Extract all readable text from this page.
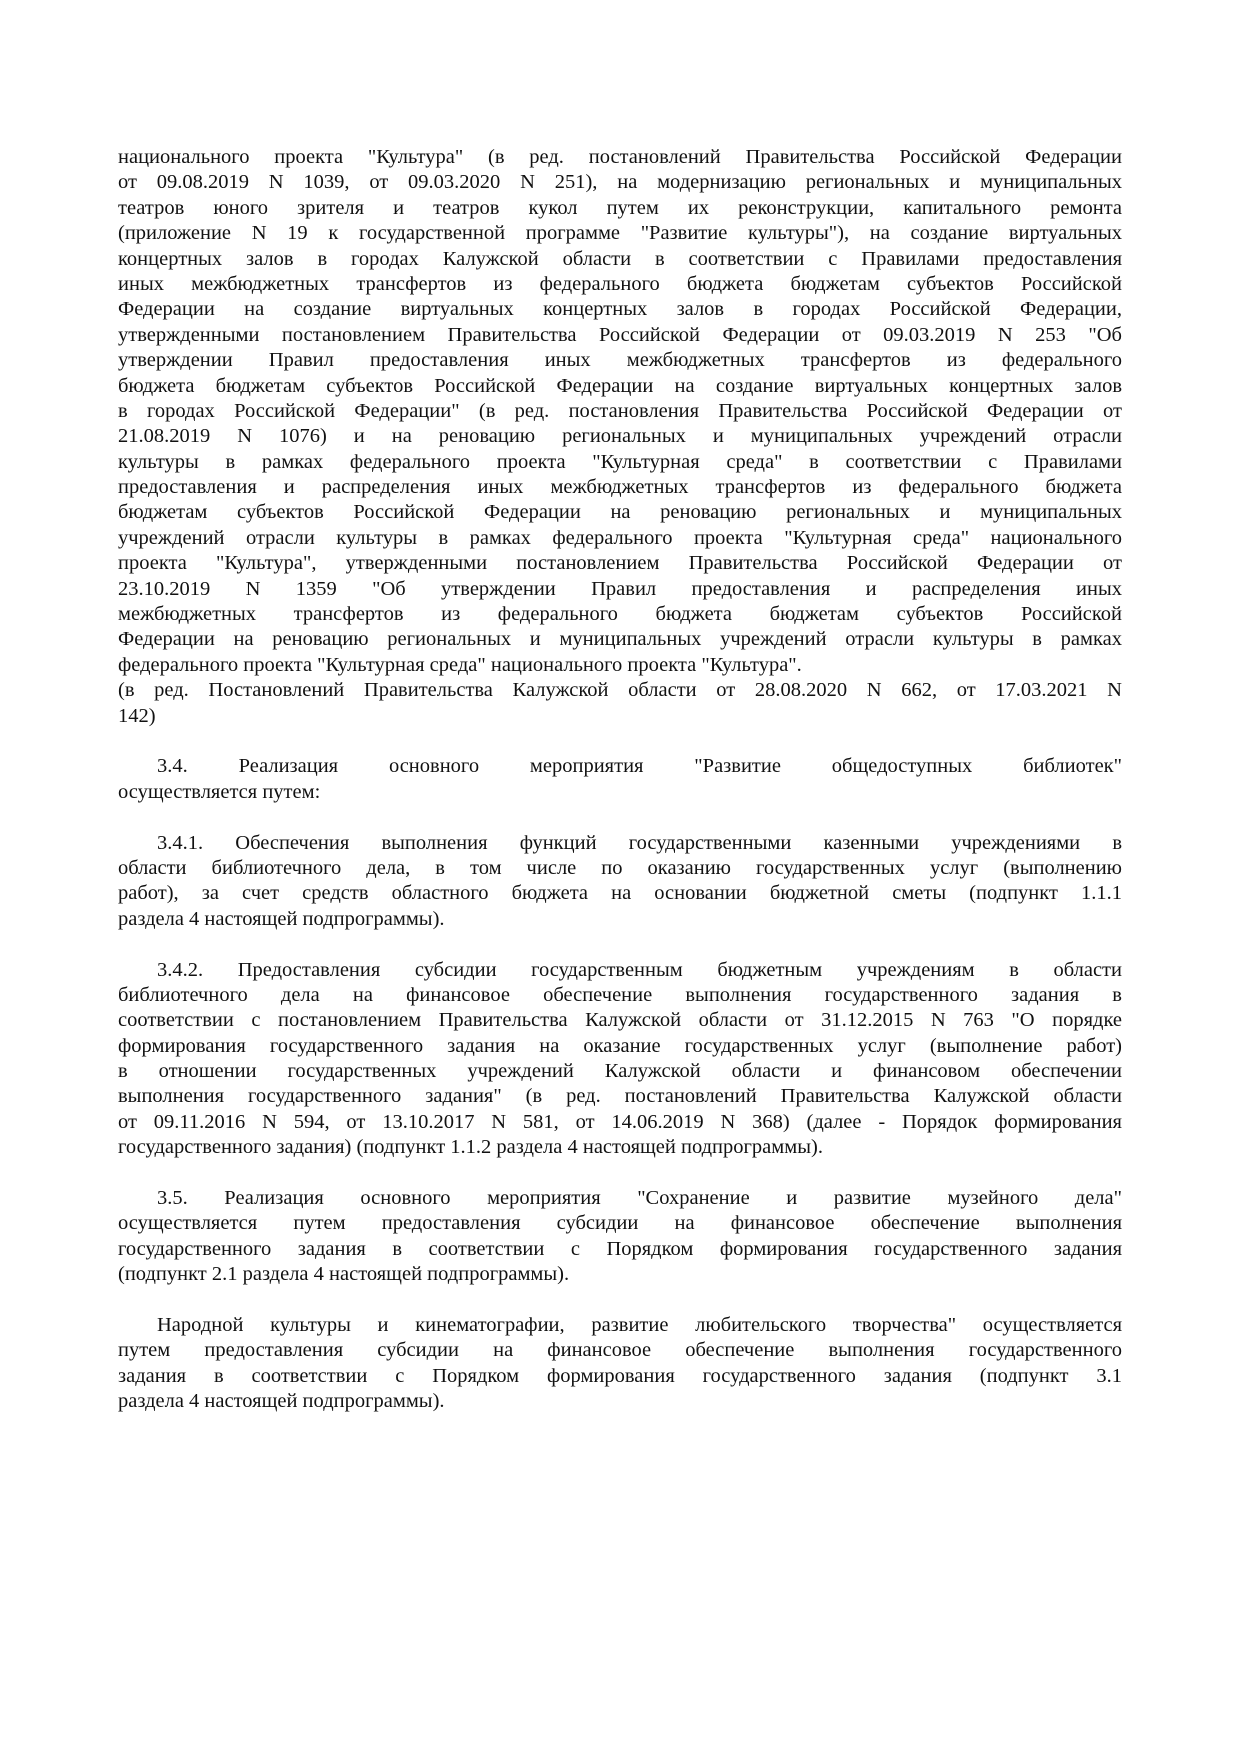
национального проекта "Культура" (в ред. постановлений Правительства Российской Федерации
от 09.08.2019 N 1039, от 09.03.2020 N 251), на модернизацию региональных и муниципальных
театров юного зрителя и театров кукол путем их реконструкции, капитального ремонта
(приложение N 19 к государственной программе "Развитие культуры"), на создание виртуальных
концертных залов в городах Калужской области в соответствии с Правилами предоставления
иных межбюджетных трансфертов из федерального бюджета бюджетам субъектов Российской
Федерации на создание виртуальных концертных залов в городах Российской Федерации,
утвержденными постановлением Правительства Российской Федерации от 09.03.2019 N 253 "Об
утверждении Правил предоставления иных межбюджетных трансфертов из федерального
бюджета бюджетам субъектов Российской Федерации на создание виртуальных концертных залов
в городах Российской Федерации" (в ред. постановления Правительства Российской Федерации от
21.08.2019 N 1076) и на реновацию региональных и муниципальных учреждений отрасли
культуры в рамках федерального проекта "Культурная среда" в соответствии с Правилами
предоставления и распределения иных межбюджетных трансфертов из федерального бюджета
бюджетам субъектов Российской Федерации на реновацию региональных и муниципальных
учреждений отрасли культуры в рамках федерального проекта "Культурная среда" национального
проекта "Культура", утвержденными постановлением Правительства Российской Федерации от
23.10.2019 N 1359 "Об утверждении Правил предоставления и распределения иных
межбюджетных трансфертов из федерального бюджета бюджетам субъектов Российской
Федерации на реновацию региональных и муниципальных учреждений отрасли культуры в рамках
федерального проекта "Культурная среда" национального проекта "Культура".
(в ред. Постановлений Правительства Калужской области от 28.08.2020 N 662, от 17.03.2021 N
142)
3.4. Реализация основного мероприятия "Развитие общедоступных библиотек"
осуществляется путем:
3.4.1. Обеспечения выполнения функций государственными казенными учреждениями в
области библиотечного дела, в том числе по оказанию государственных услуг (выполнению
работ), за счет средств областного бюджета на основании бюджетной сметы (подпункт 1.1.1
раздела 4 настоящей подпрограммы).
3.4.2. Предоставления субсидии государственным бюджетным учреждениям в области
библиотечного дела на финансовое обеспечение выполнения государственного задания в
соответствии с постановлением Правительства Калужской области от 31.12.2015 N 763 "О порядке
формирования государственного задания на оказание государственных услуг (выполнение работ)
в отношении государственных учреждений Калужской области и финансовом обеспечении
выполнения государственного задания" (в ред. постановлений Правительства Калужской области
от 09.11.2016 N 594, от 13.10.2017 N 581, от 14.06.2019 N 368) (далее - Порядок формирования
государственного задания) (подпункт 1.1.2 раздела 4 настоящей подпрограммы).
3.5. Реализация основного мероприятия "Сохранение и развитие музейного дела"
осуществляется путем предоставления субсидии на финансовое обеспечение выполнения
государственного задания в соответствии с Порядком формирования государственного задания
(подпункт 2.1 раздела 4 настоящей подпрограммы).
Народной культуры и кинематографии, развитие любительского творчества" осуществляется
путем предоставления субсидии на финансовое обеспечение выполнения государственного
задания в соответствии с Порядком формирования государственного задания (подпункт 3.1
раздела 4 настоящей подпрограммы).
